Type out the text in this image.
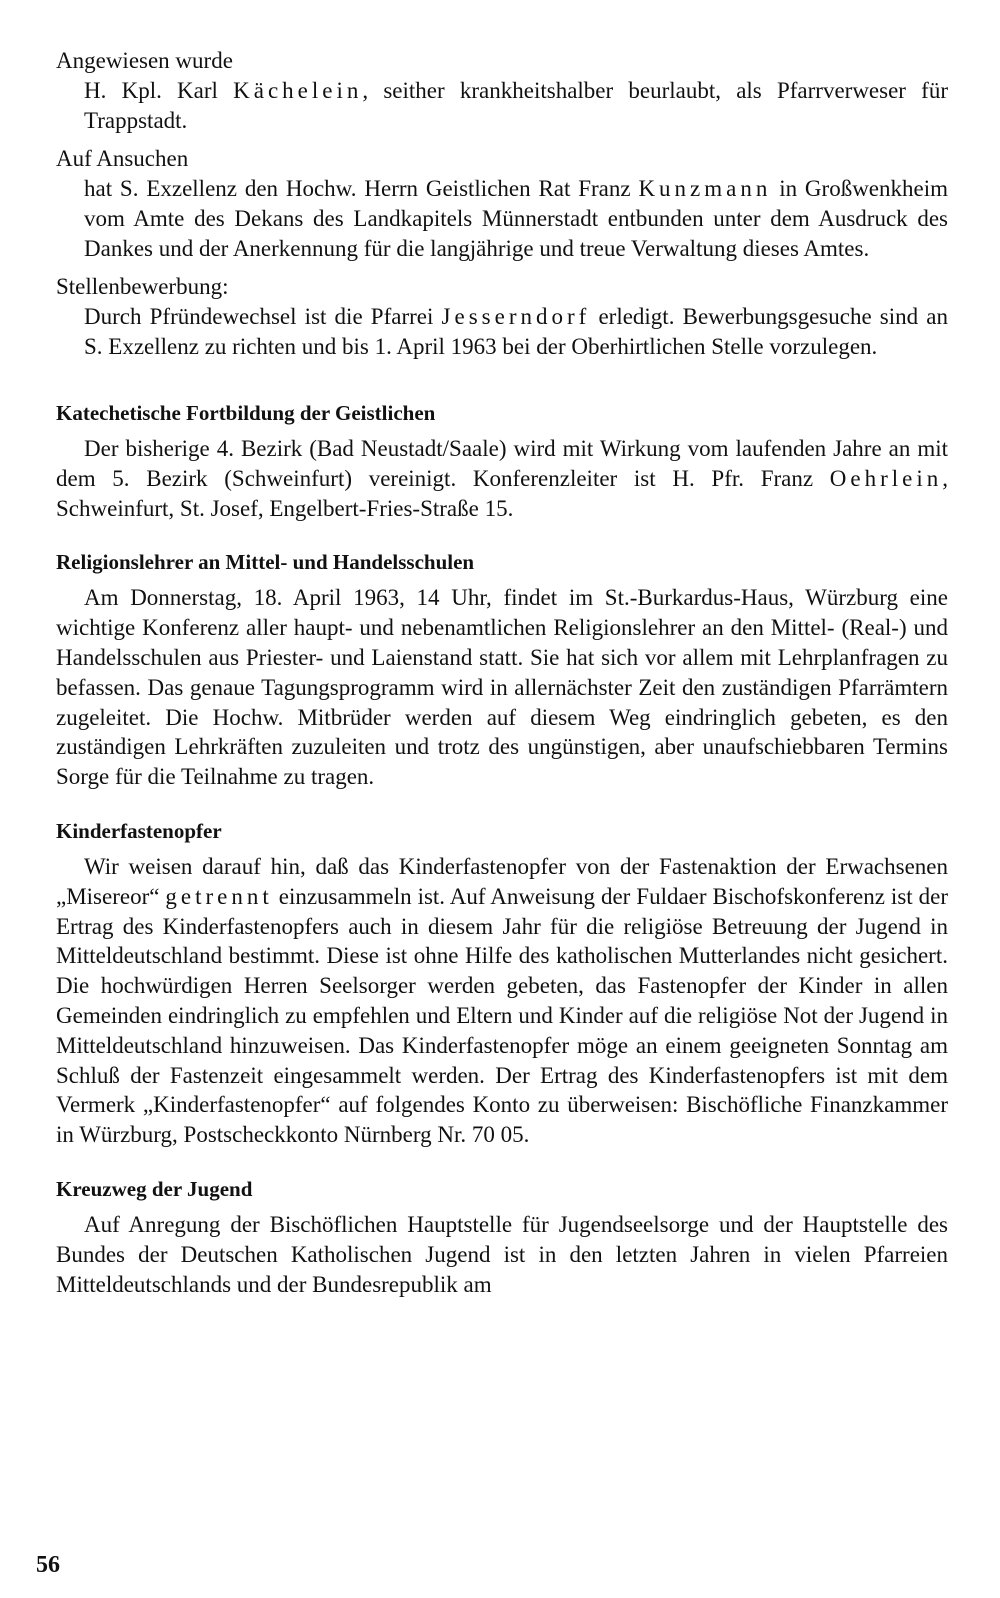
Angewiesen wurde

H. Kpl. Karl Kächelein, seither krankheitshalber beurlaubt, als Pfarrverweser für Trappstadt.

Auf Ansuchen

hat S. Exzellenz den Hochw. Herrn Geistlichen Rat Franz Kunzmann in Großwenkheim vom Amte des Dekans des Landkapitels Münnerstadt entbunden unter dem Ausdruck des Dankes und der Anerkennung für die langjährige und treue Verwaltung dieses Amtes.

Stellenbewerbung:

Durch Pfründewechsel ist die Pfarrei Jesserndorf erledigt. Bewerbungsgesuche sind an S. Exzellenz zu richten und bis 1. April 1963 bei der Oberhirtlichen Stelle vorzulegen.

Katechetische Fortbildung der Geistlichen

Der bisherige 4. Bezirk (Bad Neustadt/Saale) wird mit Wirkung vom laufenden Jahre an mit dem 5. Bezirk (Schweinfurt) vereinigt. Konferenzleiter ist H. Pfr. Franz Oehrlein, Schweinfurt, St. Josef, Engelbert-Fries-Straße 15.

Religionslehrer an Mittel- und Handelsschulen

Am Donnerstag, 18. April 1963, 14 Uhr, findet im St.-Burkardus-Haus, Würzburg eine wichtige Konferenz aller haupt- und nebenamtlichen Religionslehrer an den Mittel- (Real-) und Handelsschulen aus Priester- und Laienstand statt. Sie hat sich vor allem mit Lehrplanfragen zu befassen. Das genaue Tagungsprogramm wird in allernächster Zeit den zuständigen Pfarrämtern zugeleitet. Die Hochw. Mitbrüder werden auf diesem Weg eindringlich gebeten, es den zuständigen Lehrkräften zuzuleiten und trotz des ungünstigen, aber unaufschiebbaren Termins Sorge für die Teilnahme zu tragen.

Kinderfastenopfer

Wir weisen darauf hin, daß das Kinderfastenopfer von der Fastenaktion der Erwachsenen „Misereor“ getrennt einzusammeln ist. Auf Anweisung der Fuldaer Bischofskonferenz ist der Ertrag des Kinderfastenopfers auch in diesem Jahr für die religiöse Betreuung der Jugend in Mitteldeutschland bestimmt. Diese ist ohne Hilfe des katholischen Mutterlandes nicht gesichert. Die hochwürdigen Herren Seelsorger werden gebeten, das Fastenopfer der Kinder in allen Gemeinden eindringlich zu empfehlen und Eltern und Kinder auf die religiöse Not der Jugend in Mitteldeutschland hinzuweisen. Das Kinderfastenopfer möge an einem geeigneten Sonntag am Schluß der Fastenzeit eingesammelt werden. Der Ertrag des Kinderfastenopfers ist mit dem Vermerk „Kinderfastenopfer“ auf folgendes Konto zu überweisen: Bischöfliche Finanzkammer in Würzburg, Postscheckkonto Nürnberg Nr. 70 05.

Kreuzweg der Jugend

Auf Anregung der Bischöflichen Hauptstelle für Jugendseelsorge und der Hauptstelle des Bundes der Deutschen Katholischen Jugend ist in den letzten Jahren in vielen Pfarreien Mitteldeutschlands und der Bundesrepublik am

56
